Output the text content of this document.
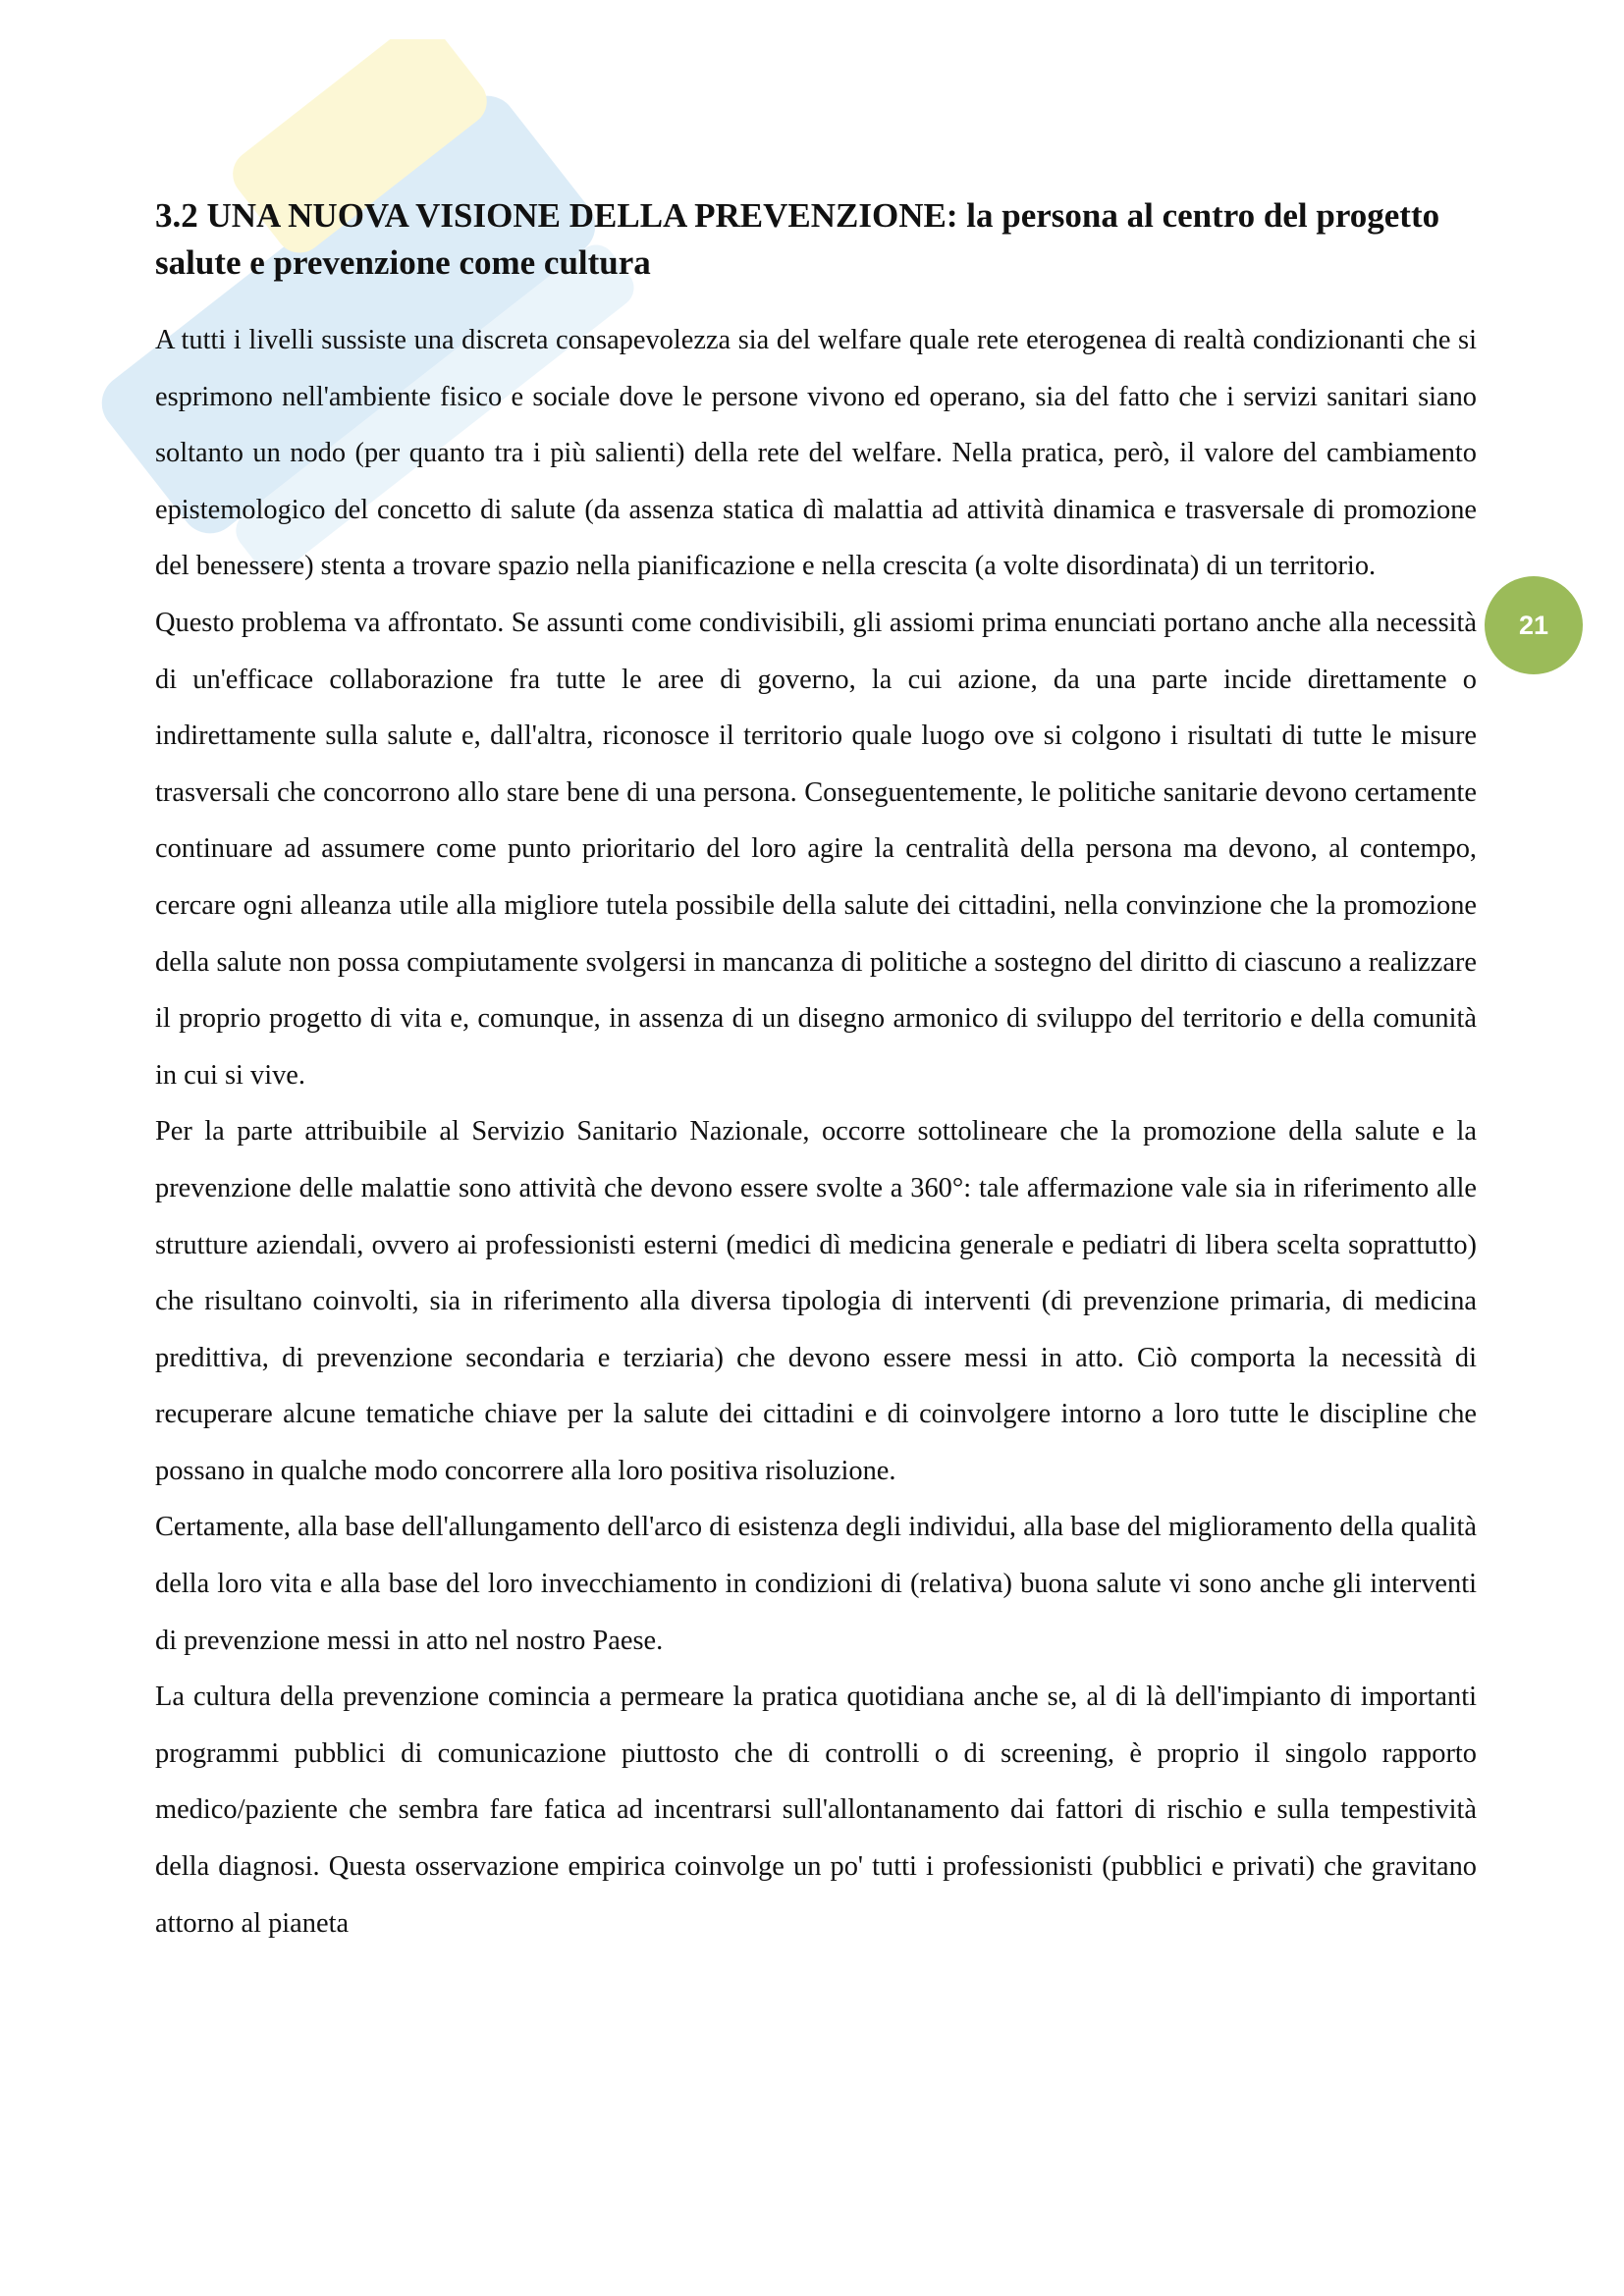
21
3.2 UNA NUOVA VISIONE DELLA PREVENZIONE: la persona al centro del progetto salute e prevenzione come cultura

A tutti i livelli sussiste una discreta consapevolezza sia del welfare quale rete eterogenea di realtà condizionanti che si esprimono nell'ambiente fisico e sociale dove le persone vivono ed operano, sia del fatto che i servizi sanitari siano soltanto un nodo (per quanto tra i più salienti) della rete del welfare. Nella pratica, però, il valore del cambiamento epistemologico del concetto di salute (da assenza statica dì malattia ad attività dinamica e trasversale di promozione del benessere) stenta a trovare spazio nella pianificazione e nella crescita (a volte disordinata) di un territorio.

Questo problema va affrontato. Se assunti come condivisibili, gli assiomi prima enunciati portano anche alla necessità di un'efficace collaborazione fra tutte le aree di governo, la cui azione, da una parte incide direttamente o indirettamente sulla salute e, dall'altra, riconosce il territorio quale luogo ove si colgono i risultati di tutte le misure trasversali che concorrono allo stare bene di una persona. Conseguentemente, le politiche sanitarie devono certamente continuare ad assumere come punto prioritario del loro agire la centralità della persona ma devono, al contempo, cercare ogni alleanza utile alla migliore tutela possibile della salute dei cittadini, nella convinzione che la promozione della salute non possa compiutamente svolgersi in mancanza di politiche a sostegno del diritto di ciascuno a realizzare il proprio progetto di vita e, comunque, in assenza di un disegno armonico di sviluppo del territorio e della comunità in cui si vive.

Per la parte attribuibile al Servizio Sanitario Nazionale, occorre sottolineare che la promozione della salute e la prevenzione delle malattie sono attività che devono essere svolte a 360°: tale affermazione vale sia in riferimento alle strutture aziendali, ovvero ai professionisti esterni (medici dì medicina generale e pediatri di libera scelta soprattutto) che risultano coinvolti, sia in riferimento alla diversa tipologia di interventi (di prevenzione primaria, di medicina predittiva, di prevenzione secondaria e terziaria) che devono essere messi in atto. Ciò comporta la necessità di recuperare alcune tematiche chiave per la salute dei cittadini e di coinvolgere intorno a loro tutte le discipline che possano in qualche modo concorrere alla loro positiva risoluzione.

Certamente, alla base dell'allungamento dell'arco di esistenza degli individui, alla base del miglioramento della qualità della loro vita e alla base del loro invecchiamento in condizioni di (relativa) buona salute vi sono anche gli interventi di prevenzione messi in atto nel nostro Paese.

La cultura della prevenzione comincia a permeare la pratica quotidiana anche se, al di là dell'impianto di importanti programmi pubblici di comunicazione piuttosto che di controlli o di screening, è proprio il singolo rapporto medico/paziente che sembra fare fatica ad incentrarsi sull'allontanamento dai fattori di rischio e sulla tempestività della diagnosi. Questa osservazione empirica coinvolge un po' tutti i professionisti (pubblici e privati) che gravitano attorno al pianeta
